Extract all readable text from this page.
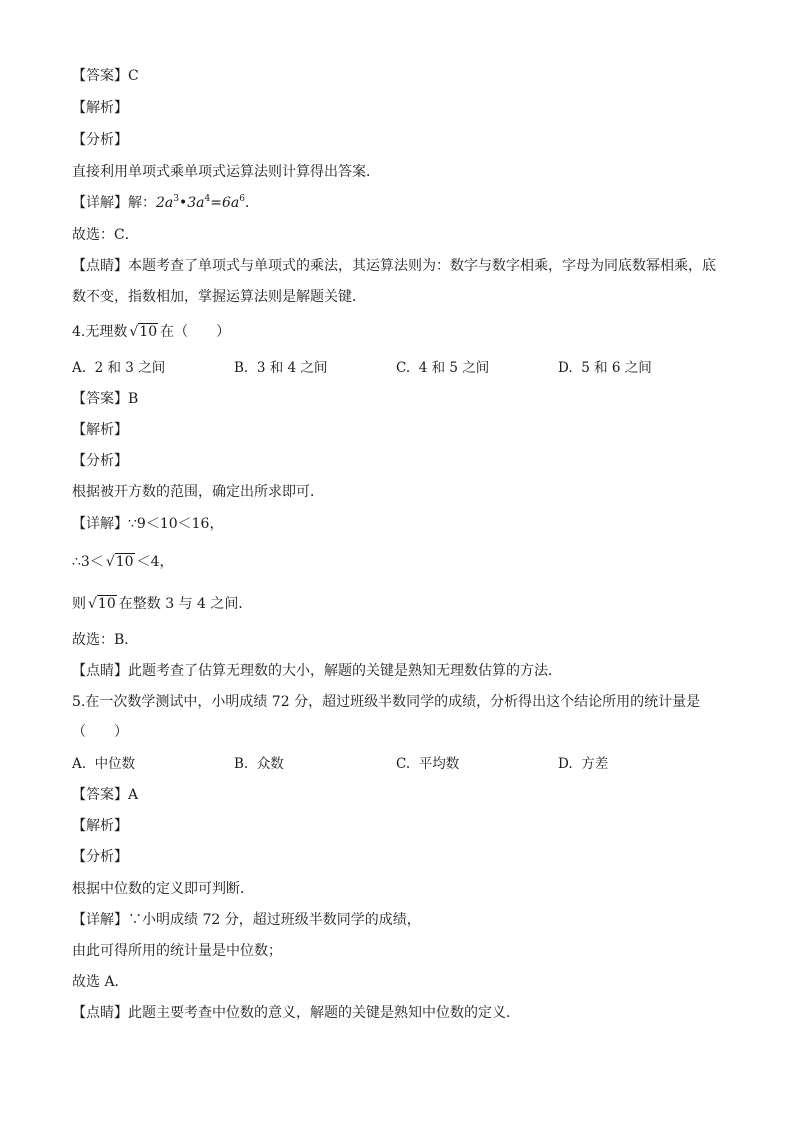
【答案】C
【解析】
【分析】
直接利用单项式乘单项式运算法则计算得出答案．
【详解】解：$2a^3•3a^4=6a^6$．
故选：C．
【点睛】本题考查了单项式与单项式的乘法，其运算法则为：数字与数字相乘，字母为同底数幂相乘，底
数不变，指数相加，掌握运算法则是解题关键．
4.无理数 √10 在（　　）
A. 2 和 3 之间	B. 3 和 4 之间	C. 4 和 5 之间	D. 5 和 6 之间
【答案】B
【解析】
【分析】
根据被开方数的范围，确定出所求即可．
【详解】∵9＜10＜16，
∴3＜ √10 ＜4，
则 √10 在整数 3 与 4 之间．
故选：B．
【点睛】此题考查了估算无理数的大小，解题的关键是熟知无理数估算的方法．
5.在一次数学测试中，小明成绩 72 分，超过班级半数同学的成绩，分析得出这个结论所用的统计量是
（　　）
A. 中位数	B. 众数	C. 平均数	D. 方差
【答案】A
【解析】
【分析】
根据中位数的定义即可判断．
【详解】∵小明成绩 72 分，超过班级半数同学的成绩，
由此可得所用的统计量是中位数；
故选 A．
【点睛】此题主要考查中位数的意义，解题的关键是熟知中位数的定义．
